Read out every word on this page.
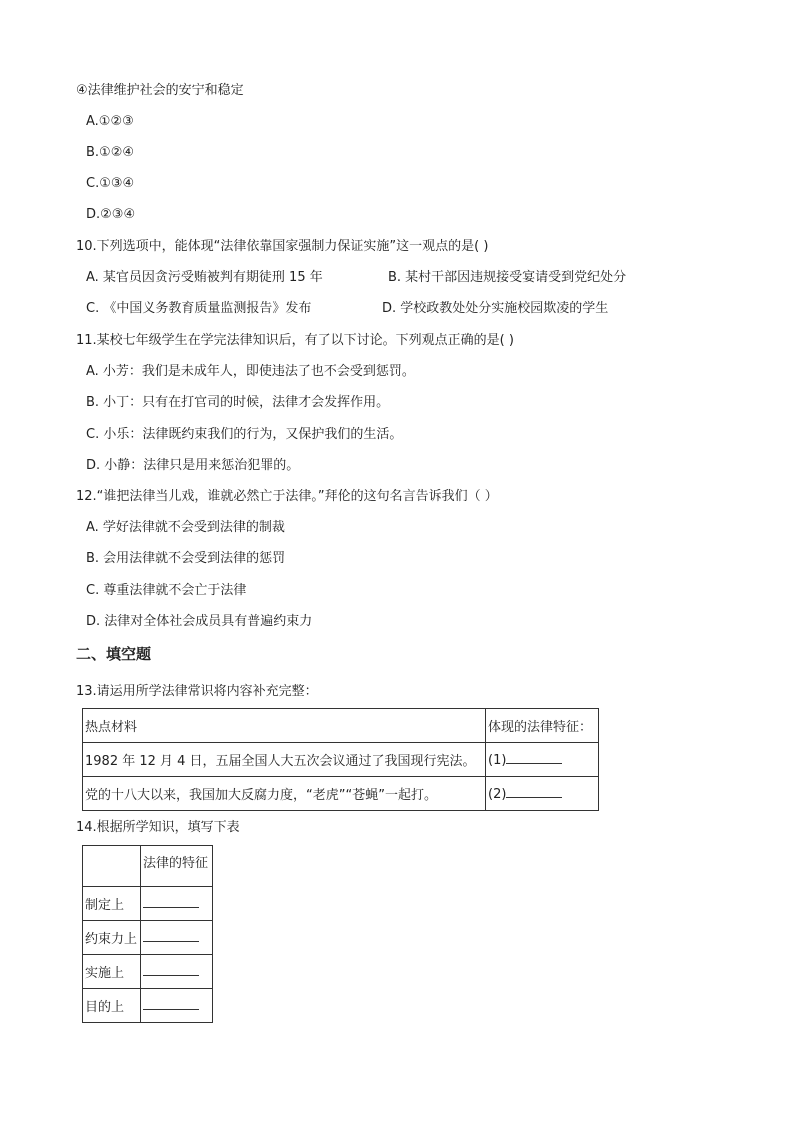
④法律维护社会的安宁和稳定
A.①②③
B.①②④
C.①③④
D.②③④
10.下列选项中，能体现“法律依靠国家强制力保证实施”这一观点的是( )
A. 某官员因贪污受贿被判有期徒刑 15 年	B. 某村干部因违规接受宴请受到党纪处分
C. 《中国义务教育质量监测报告》发布	D. 学校政教处处分实施校园欺凌的学生
11.某校七年级学生在学完法律知识后，有了以下讨论。下列观点正确的是( )
A. 小芳：我们是未成年人，即使违法了也不会受到惩罚。
B. 小丁：只有在打官司的时候，法律才会发挥作用。
C. 小乐：法律既约束我们的行为，又保护我们的生活。
D. 小静：法律只是用来惩治犯罪的。
12.“谁把法律当儿戏，谁就必然亡于法律。”拜伦的这句名言告诉我们（ ）
A. 学好法律就不会受到法律的制裁
B. 会用法律就不会受到法律的惩罚
C. 尊重法律就不会亡于法律
D. 法律对全体社会成员具有普遍约束力
二、填空题
13.请运用所学法律常识将内容补充完整：
热点材料	体现的法律特征：
1982 年 12 月 4 日，五届全国人大五次会议通过了我国现行宪法。	(1)
党的十八大以来，我国加大反腐力度，“老虎”“苍蝇”一起打。	(2)
14.根据所学知识，填写下表
	法律的特征
制定上	
约束力上	
实施上	
目的上	
